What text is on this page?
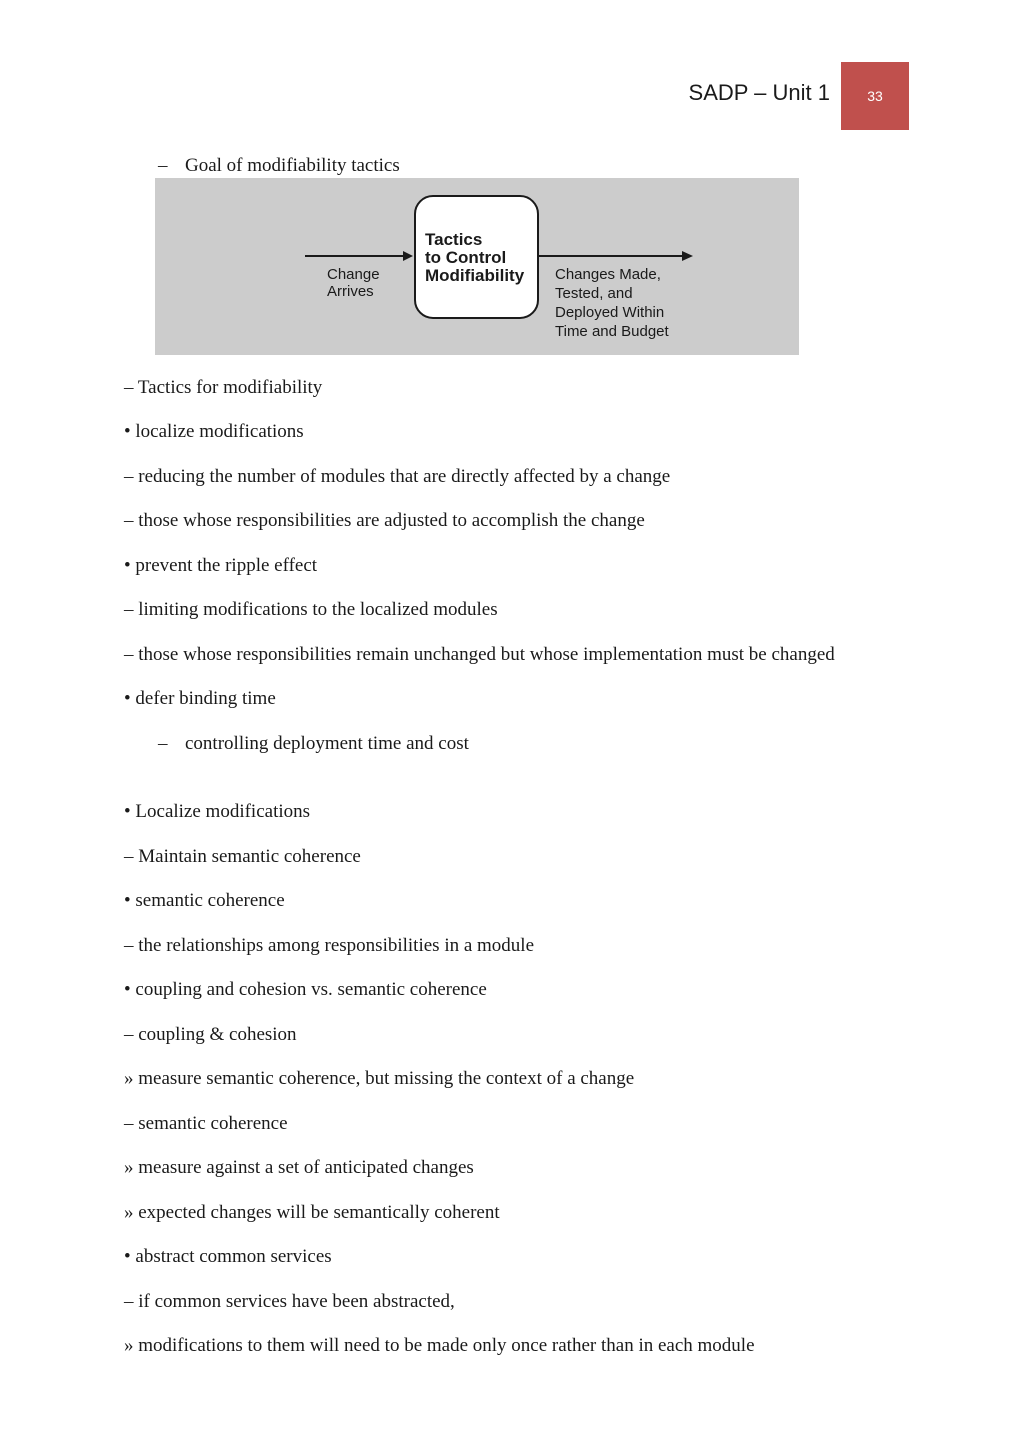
SADP – Unit 1	33
– Goal of modifiability tactics
Change
Arrives
Tactics
to Control
Modifiability Changes Made,
Tested, and
Deployed Within
Time and Budget
– Tactics for modifiability
• localize modifications
– reducing the number of modules that are directly affected by a change
– those whose responsibilities are adjusted to accomplish the change
• prevent the ripple effect
– limiting modifications to the localized modules
– those whose responsibilities remain unchanged but whose implementation must be changed
• defer binding time
– controlling deployment time and cost
• Localize modifications
– Maintain semantic coherence
• semantic coherence
– the relationships among responsibilities in a module
• coupling and cohesion vs. semantic coherence
– coupling & cohesion
» measure semantic coherence, but missing the context of a change
– semantic coherence
» measure against a set of anticipated changes
» expected changes will be semantically coherent
• abstract common services
– if common services have been abstracted,
» modifications to them will need to be made only once rather than in each module
